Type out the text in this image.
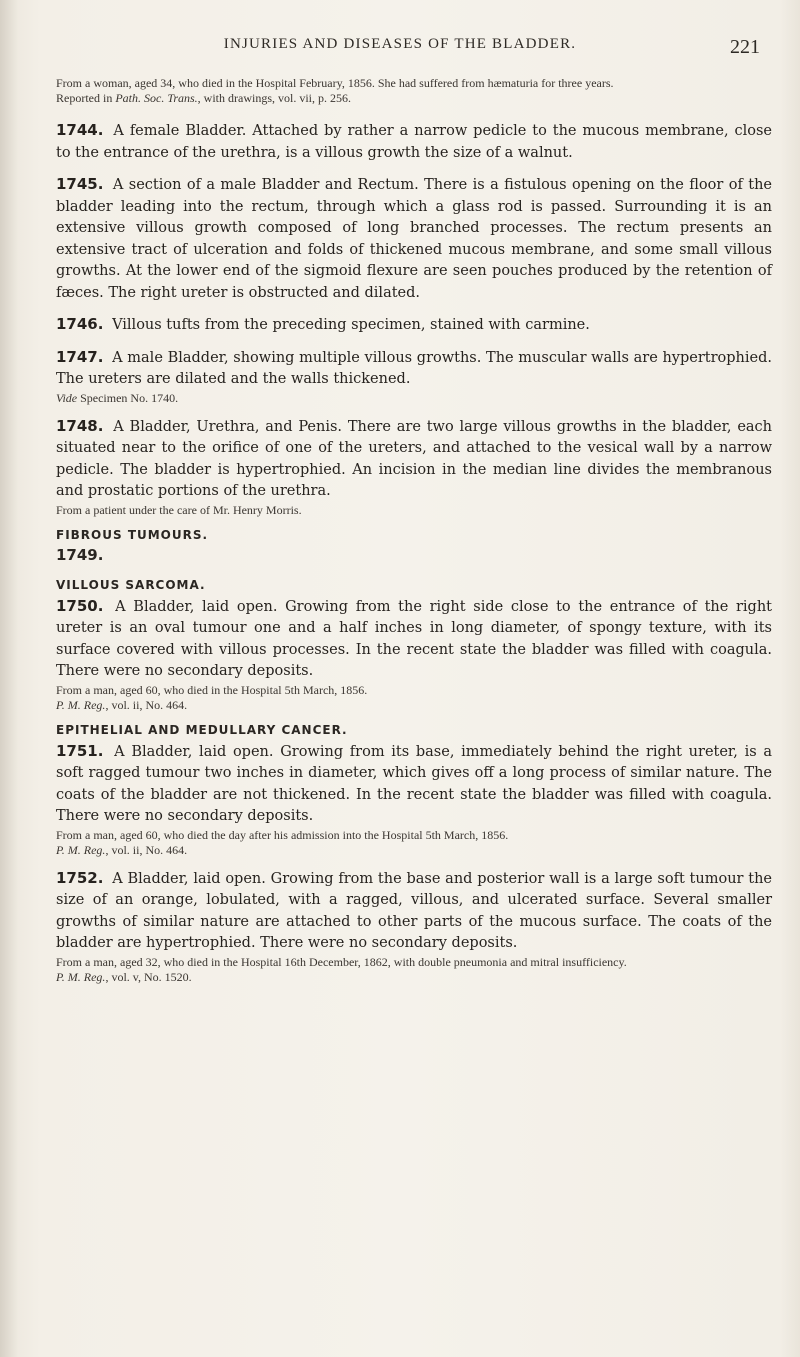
INJURIES AND DISEASES OF THE BLADDER.	221

From a woman, aged 34, who died in the Hospital February, 1856. She had suffered from hæmaturia for three years.

Reported in Path. Soc. Trans., with drawings, vol. vii, p. 256.

1744. A female Bladder. Attached by rather a narrow pedicle to the mucous membrane, close to the entrance of the urethra, is a villous growth the size of a walnut.

1745. A section of a male Bladder and Rectum. There is a fistulous opening on the floor of the bladder leading into the rectum, through which a glass rod is passed. Surrounding it is an extensive villous growth composed of long branched processes. The rectum presents an extensive tract of ulceration and folds of thickened mucous membrane, and some small villous growths. At the lower end of the sigmoid flexure are seen pouches produced by the retention of fæces. The right ureter is obstructed and dilated.

1746. Villous tufts from the preceding specimen, stained with carmine.

1747. A male Bladder, showing multiple villous growths. The muscular walls are hypertrophied. The ureters are dilated and the walls thickened.

Vide Specimen No. 1740.

1748. A Bladder, Urethra, and Penis. There are two large villous growths in the bladder, each situated near to the orifice of one of the ureters, and attached to the vesical wall by a narrow pedicle. The bladder is hypertrophied. An incision in the median line divides the membranous and prostatic portions of the urethra.

From a patient under the care of Mr. Henry Morris.

FIBROUS TUMOURS.

1749.

VILLOUS SARCOMA.

1750. A Bladder, laid open. Growing from the right side close to the entrance of the right ureter is an oval tumour one and a half inches in long diameter, of spongy texture, with its surface covered with villous processes. In the recent state the bladder was filled with coagula. There were no secondary deposits.

From a man, aged 60, who died in the Hospital 5th March, 1856.

P. M. Reg., vol. ii, No. 464.

EPITHELIAL AND MEDULLARY CANCER.

1751. A Bladder, laid open. Growing from its base, immediately behind the right ureter, is a soft ragged tumour two inches in diameter, which gives off a long process of similar nature. The coats of the bladder are not thickened. In the recent state the bladder was filled with coagula. There were no secondary deposits.

From a man, aged 60, who died the day after his admission into the Hospital 5th March, 1856.

P. M. Reg., vol. ii, No. 464.

1752. A Bladder, laid open. Growing from the base and posterior wall is a large soft tumour the size of an orange, lobulated, with a ragged, villous, and ulcerated surface. Several smaller growths of similar nature are attached to other parts of the mucous surface. The coats of the bladder are hypertrophied. There were no secondary deposits.

From a man, aged 32, who died in the Hospital 16th December, 1862, with double pneumonia and mitral insufficiency.

P. M. Reg., vol. v, No. 1520.
